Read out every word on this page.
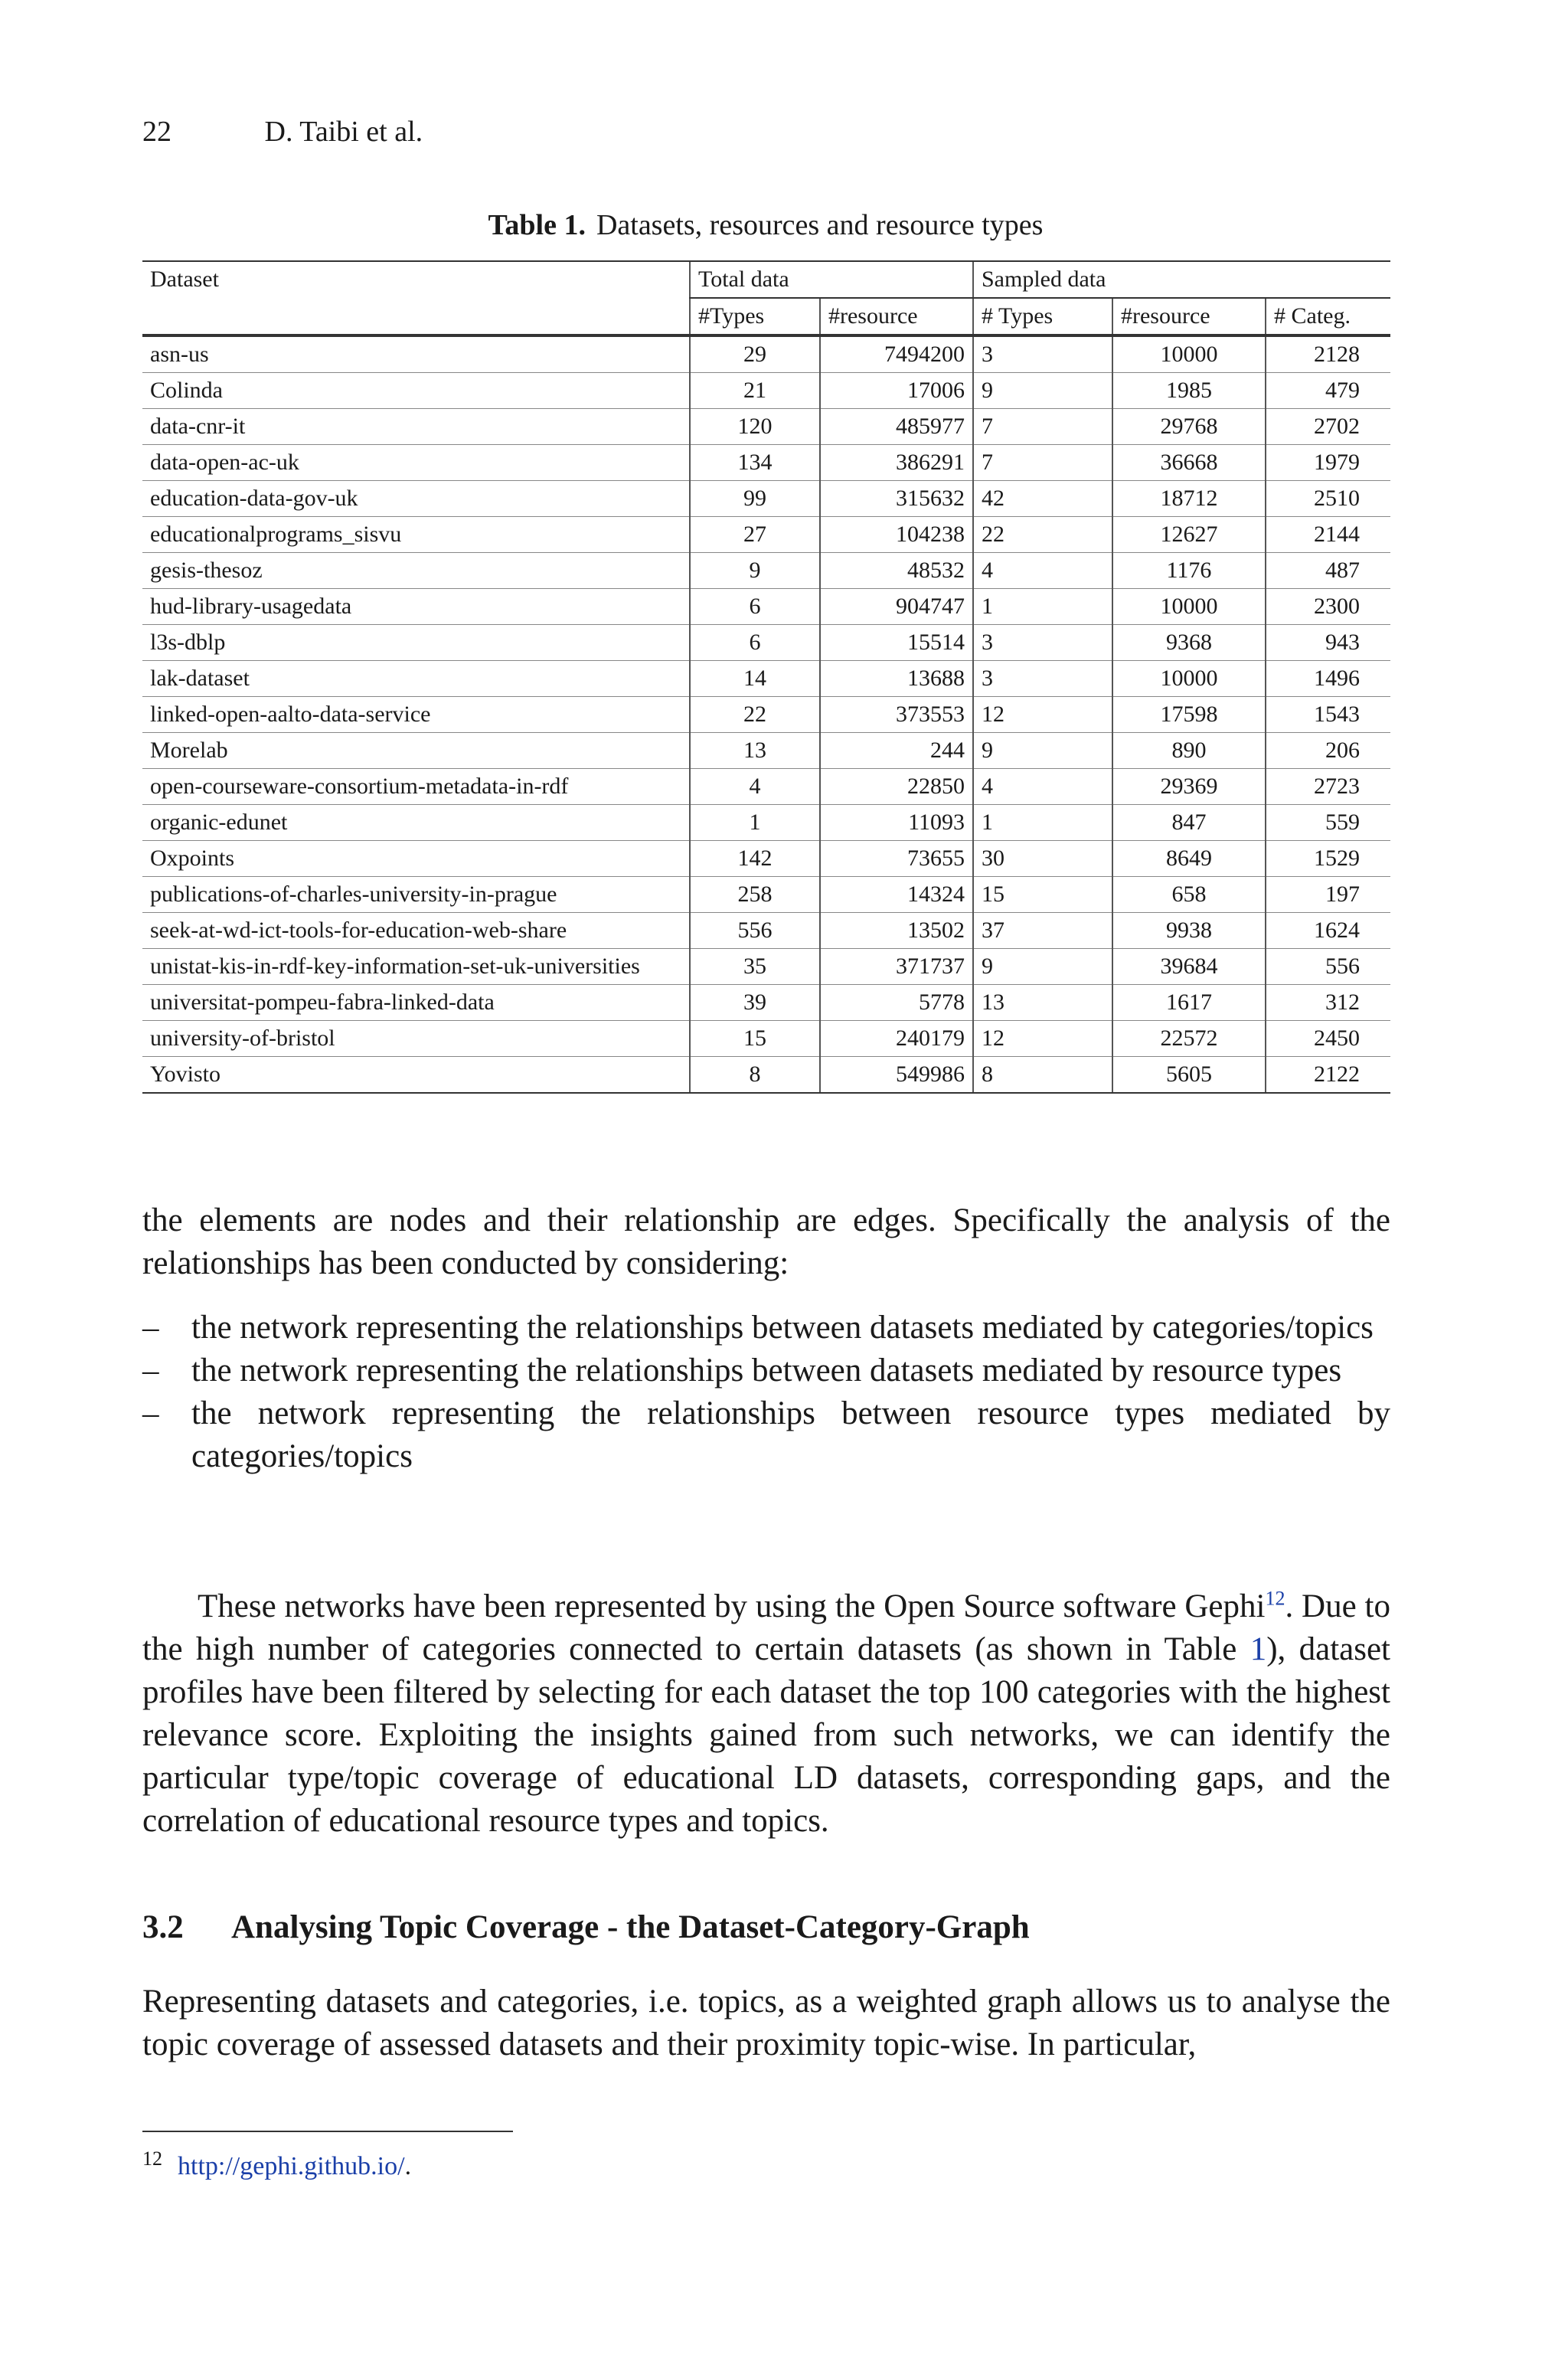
22	D. Taibi et al.
Table 1. Datasets, resources and resource types
Dataset	Total data		Sampled data		
	#Types	#resource	# Types	#resource	# Categ.
asn-us	29	7494200	3	10000	2128
Colinda	21	17006	9	1985	479
data-cnr-it	120	485977	7	29768	2702
data-open-ac-uk	134	386291	7	36668	1979
education-data-gov-uk	99	315632	42	18712	2510
educationalprograms_sisvu	27	104238	22	12627	2144
gesis-thesoz	9	48532	4	1176	487
hud-library-usagedata	6	904747	1	10000	2300
l3s-dblp	6	15514	3	9368	943
lak-dataset	14	13688	3	10000	1496
linked-open-aalto-data-service	22	373553	12	17598	1543
Morelab	13	244	9	890	206
open-courseware-consortium-metadata-in-rdf	4	22850	4	29369	2723
organic-edunet	1	11093	1	847	559
Oxpoints	142	73655	30	8649	1529
publications-of-charles-university-in-prague	258	14324	15	658	197
seek-at-wd-ict-tools-for-education-web-share	556	13502	37	9938	1624
unistat-kis-in-rdf-key-information-set-uk-universities	35	371737	9	39684	556
universitat-pompeu-fabra-linked-data	39	5778	13	1617	312
university-of-bristol	15	240179	12	22572	2450
Yovisto	8	549986	8	5605	2122

the elements are nodes and their relationship are edges. Specifically the analysis of the relationships has been conducted by considering:

– the network representing the relationships between datasets mediated by categories/topics
– the network representing the relationships between datasets mediated by resource types
– the network representing the relationships between resource types mediated by categories/topics

These networks have been represented by using the Open Source software Gephi$^{12}$. Due to the high number of categories connected to certain datasets (as shown in Table 1), dataset profiles have been filtered by selecting for each dataset the top 100 categories with the highest relevance score. Exploiting the insights gained from such networks, we can identify the particular type/topic coverage of educational LD datasets, corresponding gaps, and the correlation of educational resource types and topics.

3.2 Analysing Topic Coverage - the Dataset-Category-Graph

Representing datasets and categories, i.e. topics, as a weighted graph allows us to analyse the topic coverage of assessed datasets and their proximity topic-wise. In particular,

$^{12}$ http://gephi.github.io/.
